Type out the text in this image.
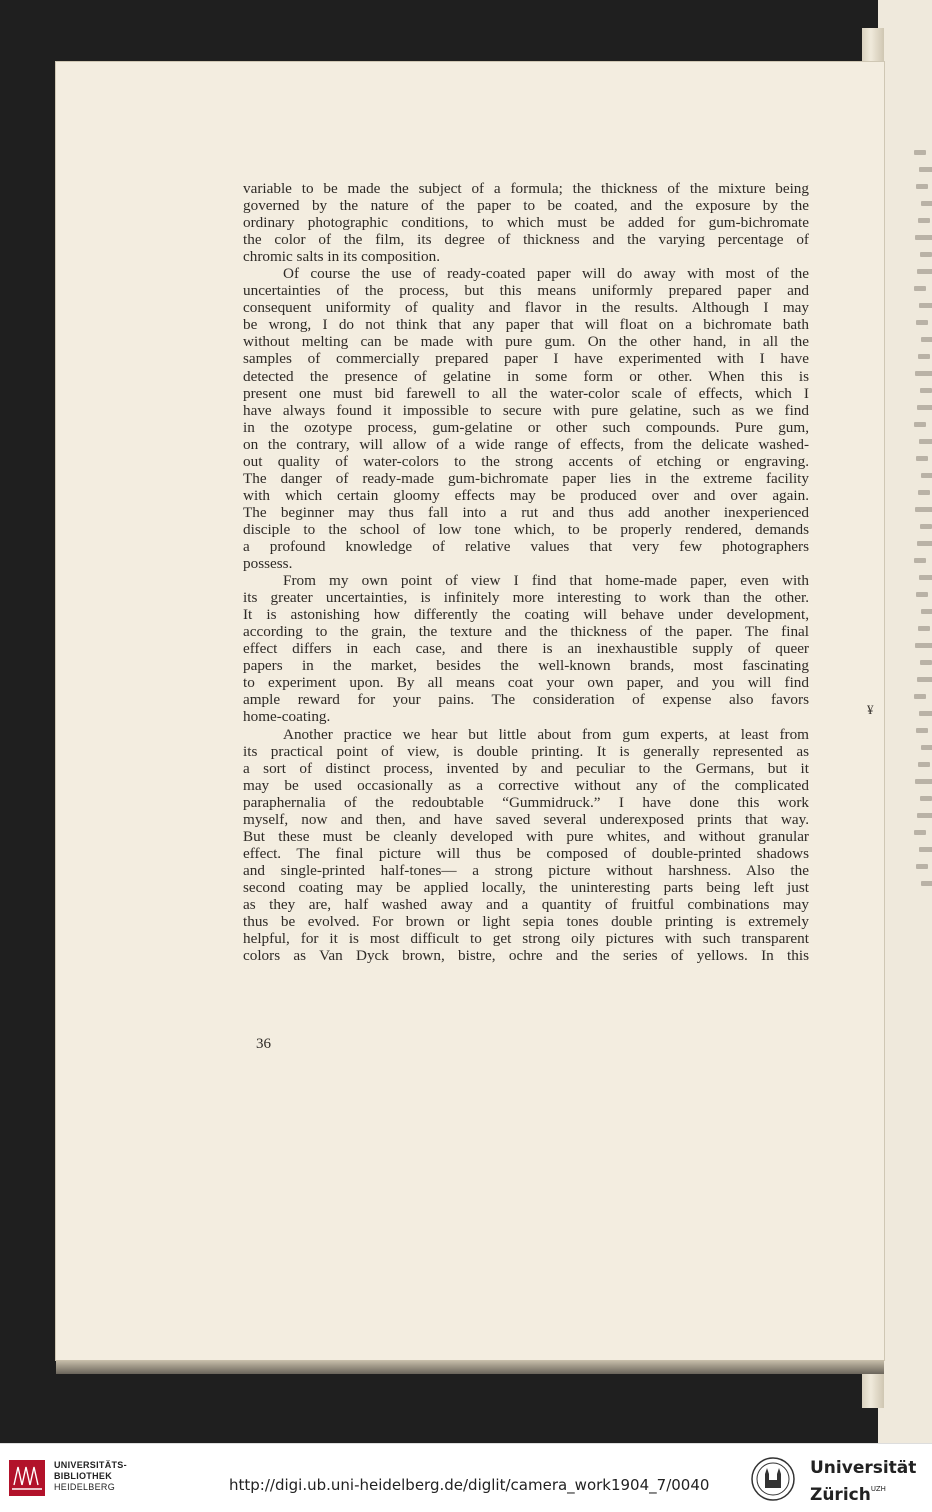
variable to be made the subject of a formula; the thickness of the mixture being

governed by the nature of the paper to be coated, and the exposure by the

ordinary photographic conditions, to which must be added for gum-bichromate

the color of the film, its degree of thickness and the varying percentage of

chromic salts in its composition.

Of course the use of ready-coated paper will do away with most of the

uncertainties of the process, but this means uniformly prepared paper and

consequent uniformity of quality and flavor in the results. Although I may

be wrong, I do not think that any paper that will float on a bichromate bath

without melting can be made with pure gum. On the other hand, in all the

samples of commercially prepared paper I have experimented with I have

detected the presence of gelatine in some form or other. When this is

present one must bid farewell to all the water-color scale of effects, which I

have always found it impossible to secure with pure gelatine, such as we find

in the ozotype process, gum-gelatine or other such compounds. Pure gum,

on the contrary, will allow of a wide range of effects, from the delicate washed-

out quality of water-colors to the strong accents of etching or engraving.

The danger of ready-made gum-bichromate paper lies in the extreme facility

with which certain gloomy effects may be produced over and over again.

The beginner may thus fall into a rut and thus add another inexperienced

disciple to the school of low tone which, to be properly rendered, demands

a profound knowledge of relative values that very few photographers

possess.

From my own point of view I find that home-made paper, even with

its greater uncertainties, is infinitely more interesting to work than the other.

It is astonishing how differently the coating will behave under development,

according to the grain, the texture and the thickness of the paper. The final

effect differs in each case, and there is an inexhaustible supply of queer

papers in the market, besides the well-known brands, most fascinating

to experiment upon. By all means coat your own paper, and you will find

ample reward for your pains. The consideration of expense also favors

home-coating.

Another practice we hear but little about from gum experts, at least from

its practical point of view, is double printing. It is generally represented as

a sort of distinct process, invented by and peculiar to the Germans, but it

may be used occasionally as a corrective without any of the complicated

paraphernalia of the redoubtable “Gummidruck.” I have done this work

myself, now and then, and have saved several underexposed prints that way.

But these must be cleanly developed with pure whites, and without granular

effect. The final picture will thus be composed of double-printed shadows

and single-printed half-tones— a strong picture without harshness. Also the

second coating may be applied locally, the uninteresting parts being left just

as they are, half washed away and a quantity of fruitful combinations may

thus be evolved. For brown or light sepia tones double printing is extremely

helpful, for it is most difficult to get strong oily pictures with such transparent

colors as Van Dyck brown, bistre, ochre and the series of yellows. In this

36
¥
UNIVERSITÄTS-
BIBLIOTHEK
HEIDELBERG	http://digi.ub.uni-heidelberg.de/diglit/camera_work1904_7/0040
Universität
Zürich$^{UZH}$
